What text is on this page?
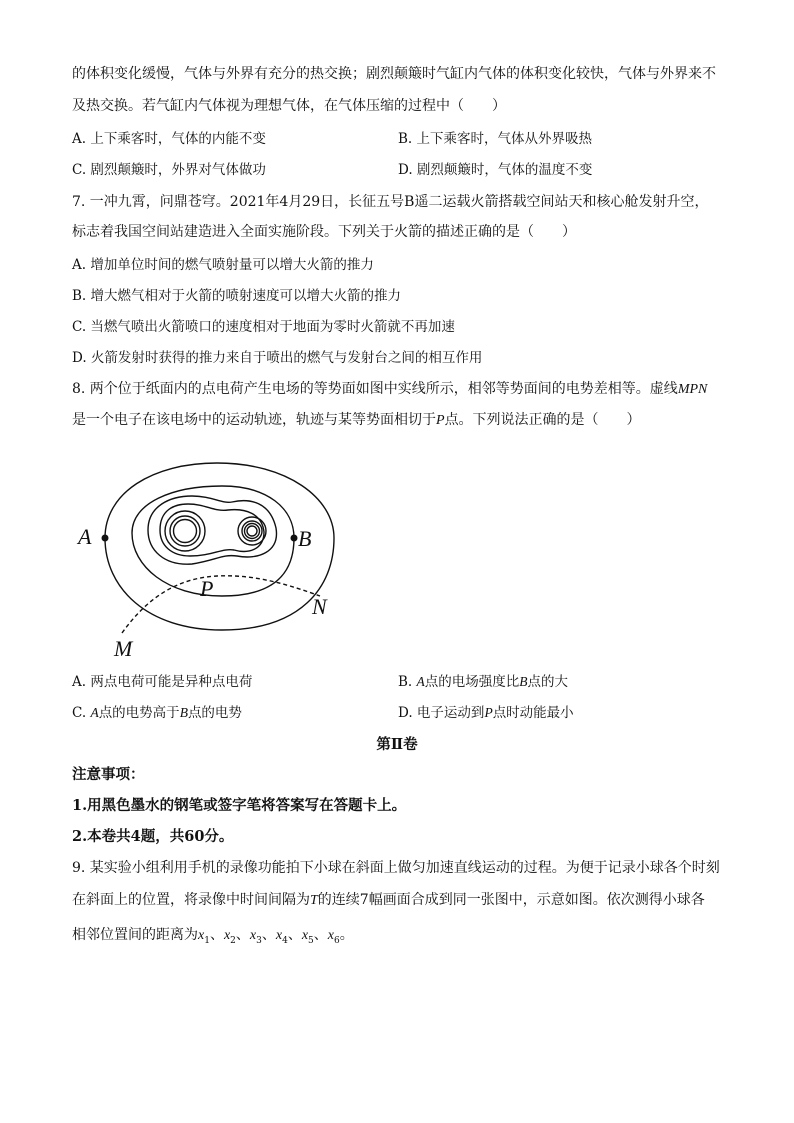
的体积变化缓慢，气体与外界有充分的热交换；剧烈颠簸时气缸内气体的体积变化较快，气体与外界来不
及热交换。若气缸内气体视为理想气体，在气体压缩的过程中（　　）
A. 上下乘客时，气体的内能不变	B. 上下乘客时，气体从外界吸热
C. 剧烈颠簸时，外界对气体做功	D. 剧烈颠簸时，气体的温度不变
7. 一冲九霄，问鼎苍穹。2021年4月29日，长征五号B遥二运载火箭搭载空间站天和核心舱发射升空，
标志着我国空间站建造进入全面实施阶段。下列关于火箭的描述正确的是（　　）
A. 增加单位时间的燃气喷射量可以增大火箭的推力
B. 增大燃气相对于火箭的喷射速度可以增大火箭的推力
C. 当燃气喷出火箭喷口的速度相对于地面为零时火箭就不再加速
D. 火箭发射时获得的推力来自于喷出的燃气与发射台之间的相互作用
8. 两个位于纸面内的点电荷产生电场的等势面如图中实线所示，相邻等势面间的电势差相等。虚线MPN
是一个电子在该电场中的运动轨迹，轨迹与某等势面相切于P点。下列说法正确的是（　　）
A	B
P
N
M
A. 两点电荷可能是异种点电荷	B. A点的电场强度比B点的大
C. A点的电势高于B点的电势	D. 电子运动到P点时动能最小
第Ⅱ卷
注意事项：
1.用黑色墨水的钢笔或签字笔将答案写在答题卡上。
2.本卷共4题，共60分。
9. 某实验小组利用手机的录像功能拍下小球在斜面上做匀加速直线运动的过程。为便于记录小球各个时刻
在斜面上的位置，将录像中时间间隔为T的连续7幅画面合成到同一张图中，示意如图。依次测得小球各
相邻位置间的距离为$x_1$、$x_2$、$x_3$、$x_4$、$x_5$、$x_6$。
